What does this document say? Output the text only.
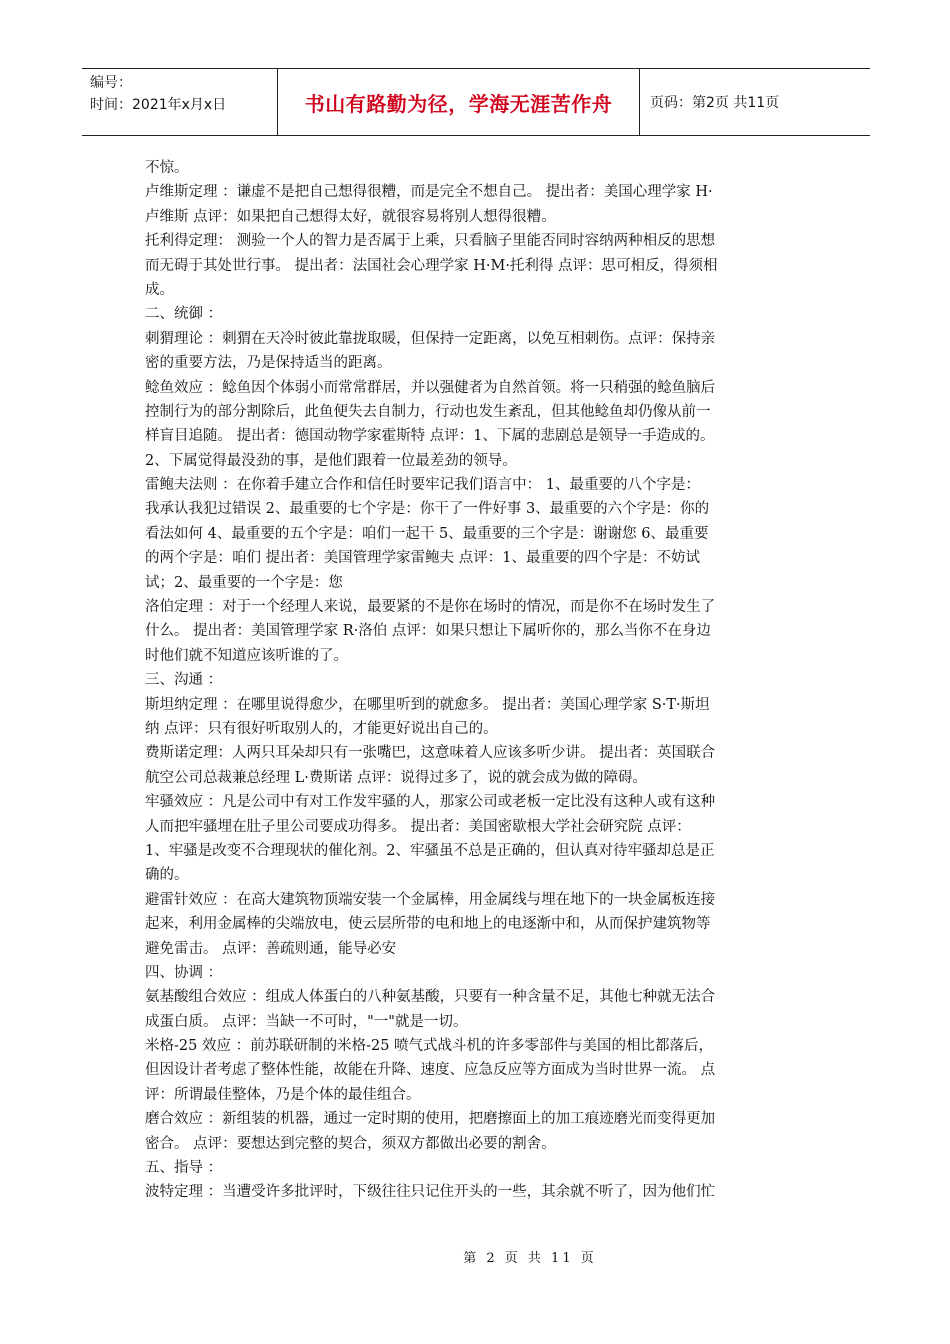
编号：
时间：2021年x月x日	书山有路勤为径，学海无涯苦作舟	页码：第2页 共11页
不惊。
卢维斯定理 ：谦虚不是把自己想得很糟，而是完全不想自己。 提出者：美国心理学家 H·
卢维斯 点评：如果把自己想得太好，就很容易将别人想得很糟。
托利得定理： 测验一个人的智力是否属于上乘，只看脑子里能否同时容纳两种相反的思想
而无碍于其处世行事。 提出者：法国社会心理学家 H·M·托利得 点评：思可相反，得须相
成。
二、统御 ：
刺猬理论 ：刺猬在天冷时彼此靠拢取暖，但保持一定距离，以免互相刺伤。点评：保持亲
密的重要方法，乃是保持适当的距离。
鲶鱼效应 ：鲶鱼因个体弱小而常常群居，并以强健者为自然首领。将一只稍强的鲶鱼脑后
控制行为的部分割除后，此鱼便失去自制力，行动也发生紊乱，但其他鲶鱼却仍像从前一
样盲目追随。 提出者：德国动物学家霍斯特 点评：1、下属的悲剧总是领导一手造成的。
2、下属觉得最没劲的事，是他们跟着一位最差劲的领导。
雷鲍夫法则 ：在你着手建立合作和信任时要牢记我们语言中： 1、最重要的八个字是：
我承认我犯过错误 2、最重要的七个字是：你干了一件好事 3、最重要的六个字是：你的
看法如何 4、最重要的五个字是：咱们一起干 5、最重要的三个字是：谢谢您 6、最重要
的两个字是：咱们 提出者：美国管理学家雷鲍夫 点评：1、最重要的四个字是：不妨试
试；2、最重要的一个字是：您
洛伯定理 ：对于一个经理人来说，最要紧的不是你在场时的情况，而是你不在场时发生了
什么。 提出者：美国管理学家 R·洛伯 点评：如果只想让下属听你的，那么当你不在身边
时他们就不知道应该听谁的了。
三、沟通 ：
斯坦纳定理 ：在哪里说得愈少，在哪里听到的就愈多。 提出者：美国心理学家 S·T·斯坦
纳 点评：只有很好听取别人的，才能更好说出自己的。
费斯诺定理：人两只耳朵却只有一张嘴巴，这意味着人应该多听少讲。 提出者：英国联合
航空公司总裁兼总经理 L·费斯诺 点评：说得过多了，说的就会成为做的障碍。
牢骚效应 ：凡是公司中有对工作发牢骚的人，那家公司或老板一定比没有这种人或有这种
人而把牢骚埋在肚子里公司要成功得多。 提出者：美国密歇根大学社会研究院 点评：
1、牢骚是改变不合理现状的催化剂。2、牢骚虽不总是正确的，但认真对待牢骚却总是正
确的。
避雷针效应 ：在高大建筑物顶端安装一个金属棒，用金属线与埋在地下的一块金属板连接
起来，利用金属棒的尖端放电，使云层所带的电和地上的电逐渐中和，从而保护建筑物等
避免雷击。 点评：善疏则通，能导必安
四、协调 ：
氨基酸组合效应 ：组成人体蛋白的八种氨基酸，只要有一种含量不足，其他七种就无法合
成蛋白质。 点评：当缺一不可时，"一"就是一切。
米格-25 效应 ：前苏联研制的米格-25 喷气式战斗机的许多零部件与美国的相比都落后，
但因设计者考虑了整体性能，故能在升降、速度、应急反应等方面成为当时世界一流。 点
评：所谓最佳整体，乃是个体的最佳组合。
磨合效应 ：新组装的机器，通过一定时期的使用，把磨擦面上的加工痕迹磨光而变得更加
密合。 点评：要想达到完整的契合，须双方都做出必要的割舍。
五、指导 ：
波特定理 ：当遭受许多批评时，下级往往只记住开头的一些，其余就不听了，因为他们忙
第 2 页 共 11 页
